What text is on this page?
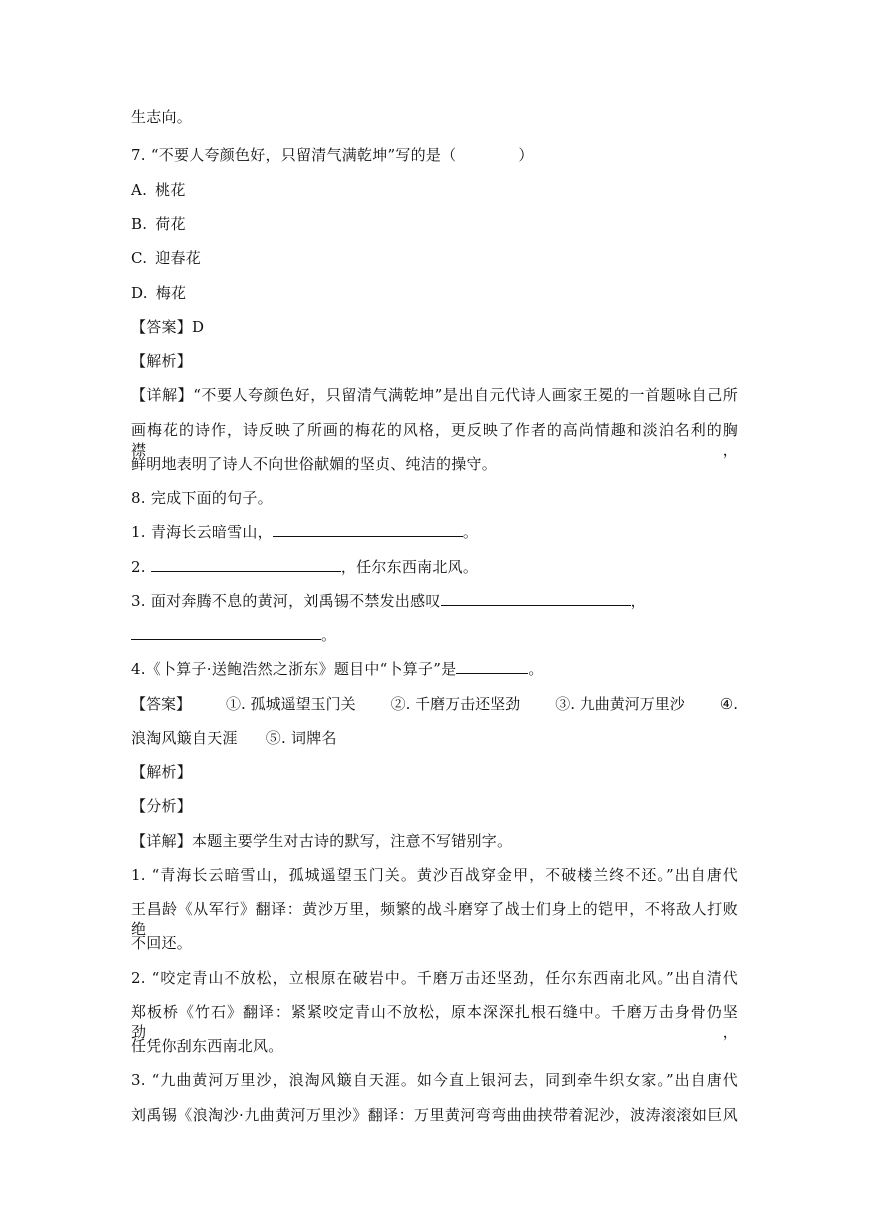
生志向。
7. “不要人夸颜色好，只留清气满乾坤”写的是（	）
A. 桃花
B. 荷花
C. 迎春花
D. 梅花
【答案】D
【解析】
【详解】“不要人夸颜色好，只留清气满乾坤”是出自元代诗人画家王冕的一首题咏自己所
画梅花的诗作，诗反映了所画的梅花的风格，更反映了作者的高尚情趣和淡泊名利的胸襟，
鲜明地表明了诗人不向世俗献媚的坚贞、纯洁的操守。
8. 完成下面的句子。
1. 青海长云暗雪山，	。
2.	，任尔东西南北风。
3. 面对奔腾不息的黄河，刘禹锡不禁发出感叹	，
。
4.《卜算子·送鲍浩然之浙东》题目中“卜算子”是	。
【答案】 ①. 孤城遥望玉门关 ②. 千磨万击还坚劲 ③. 九曲黄河万里沙 ④.
浪淘风簸自天涯 ⑤. 词牌名
【解析】
【分析】
【详解】本题主要学生对古诗的默写，注意不写错别字。
1. “青海长云暗雪山，孤城遥望玉门关。黄沙百战穿金甲，不破楼兰终不还。”出自唐代
王昌龄《从军行》翻译：黄沙万里，频繁的战斗磨穿了战士们身上的铠甲，不将敌人打败绝
不回还。
2. “咬定青山不放松，立根原在破岩中。千磨万击还坚劲，任尔东西南北风。”出自清代
郑板桥《竹石》翻译：紧紧咬定青山不放松，原本深深扎根石缝中。千磨万击身骨仍坚劲，
任凭你刮东西南北风。
3. “九曲黄河万里沙，浪淘风簸自天涯。如今直上银河去，同到牵牛织女家。”出自唐代
刘禹锡《浪淘沙·九曲黄河万里沙》翻译：万里黄河弯弯曲曲挟带着泥沙，波涛滚滚如巨风
